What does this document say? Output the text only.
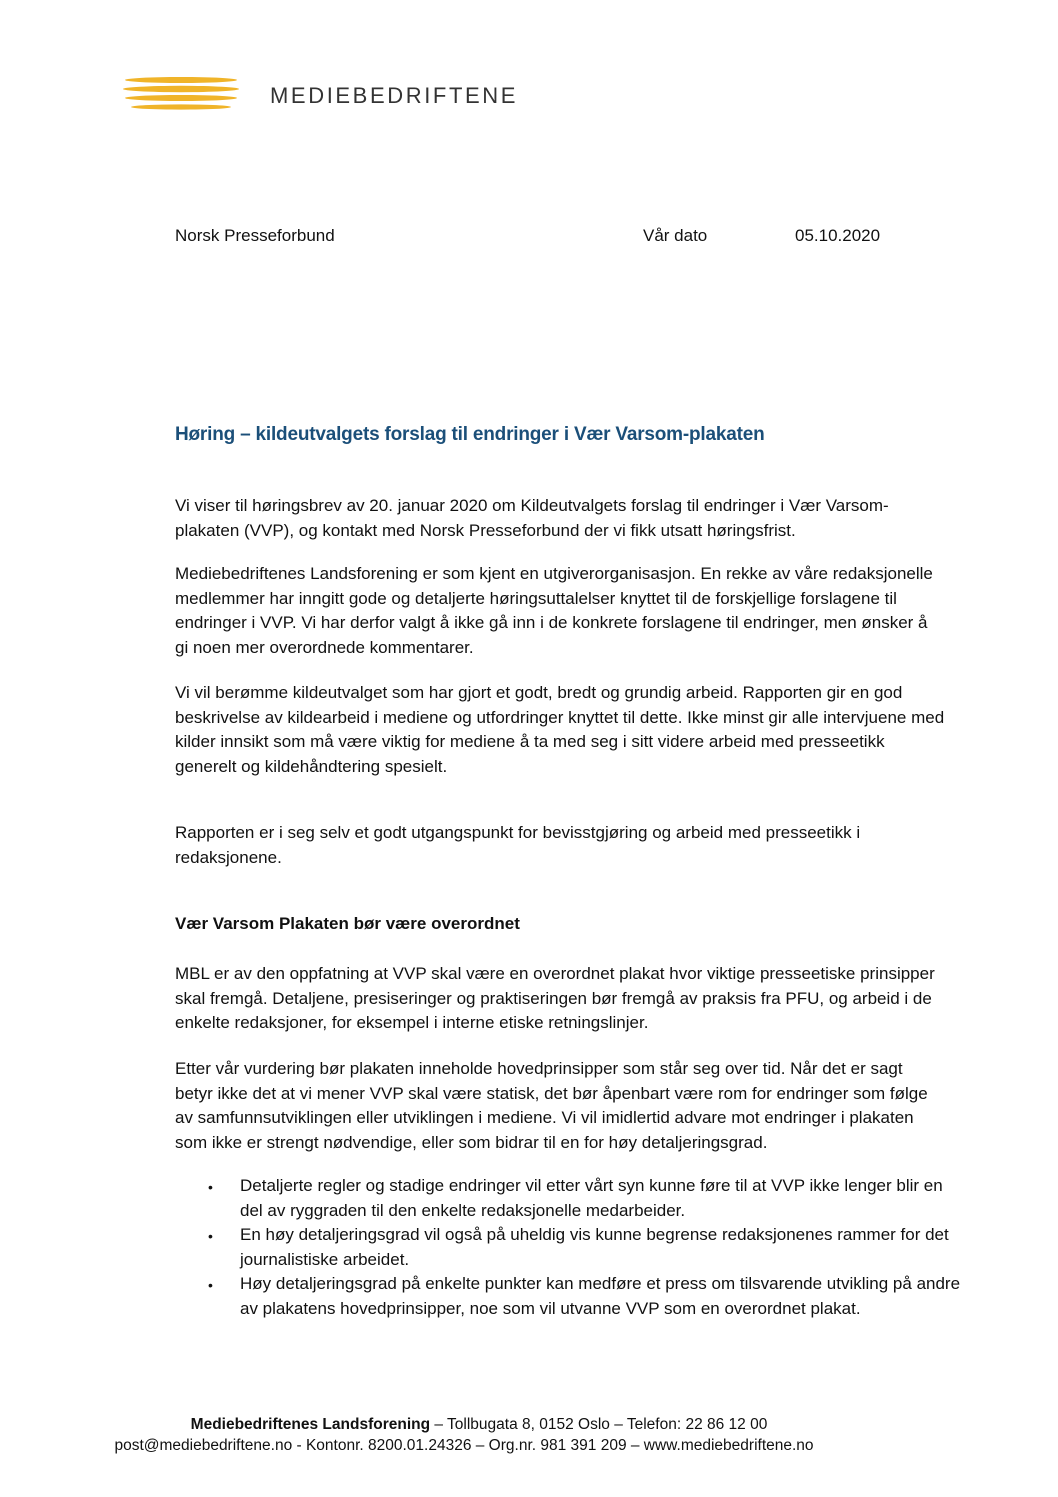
MEDIEBEDRIFTENE
Norsk Presseforbund	Vår dato	05.10.2020
Høring – kildeutvalgets forslag til endringer i Vær Varsom-plakaten

Vi viser til høringsbrev av 20. januar 2020 om Kildeutvalgets forslag til endringer i Vær Varsom-plakaten (VVP), og kontakt med Norsk Presseforbund der vi fikk utsatt høringsfrist.

Mediebedriftenes Landsforening er som kjent en utgiverorganisasjon. En rekke av våre redaksjonelle medlemmer har inngitt gode og detaljerte høringsuttalelser knyttet til de forskjellige forslagene til endringer i VVP. Vi har derfor valgt å ikke gå inn i de konkrete forslagene til endringer, men ønsker å gi noen mer overordnede kommentarer.

Vi vil berømme kildeutvalget som har gjort et godt, bredt og grundig arbeid. Rapporten gir en god beskrivelse av kildearbeid i mediene og utfordringer knyttet til dette. Ikke minst gir alle intervjuene med kilder innsikt som må være viktig for mediene å ta med seg i sitt videre arbeid med presseetikk generelt og kildehåndtering spesielt.

Rapporten er i seg selv et godt utgangspunkt for bevisstgjøring og arbeid med presseetikk i redaksjonene.

Vær Varsom Plakaten bør være overordnet

MBL er av den oppfatning at VVP skal være en overordnet plakat hvor viktige presseetiske prinsipper skal fremgå. Detaljene, presiseringer og praktiseringen bør fremgå av praksis fra PFU, og arbeid i de enkelte redaksjoner, for eksempel i interne etiske retningslinjer.

Etter vår vurdering bør plakaten inneholde hovedprinsipper som står seg over tid. Når det er sagt betyr ikke det at vi mener VVP skal være statisk, det bør åpenbart være rom for endringer som følge av samfunnsutviklingen eller utviklingen i mediene. Vi vil imidlertid advare mot endringer i plakaten som ikke er strengt nødvendige, eller som bidrar til en for høy detaljeringsgrad.

• Detaljerte regler og stadige endringer vil etter vårt syn kunne føre til at VVP ikke lenger blir en del av ryggraden til den enkelte redaksjonelle medarbeider.
• En høy detaljeringsgrad vil også på uheldig vis kunne begrense redaksjonenes rammer for det journalistiske arbeidet.
• Høy detaljeringsgrad på enkelte punkter kan medføre et press om tilsvarende utvikling på andre av plakatens hovedprinsipper, noe som vil utvanne VVP som en overordnet plakat.
Mediebedriftenes Landsforening – Tollbugata 8, 0152 Oslo – Telefon: 22 86 12 00
post@mediebedriftene.no - Kontonr. 8200.01.24326 – Org.nr. 981 391 209 – www.mediebedriftene.no
